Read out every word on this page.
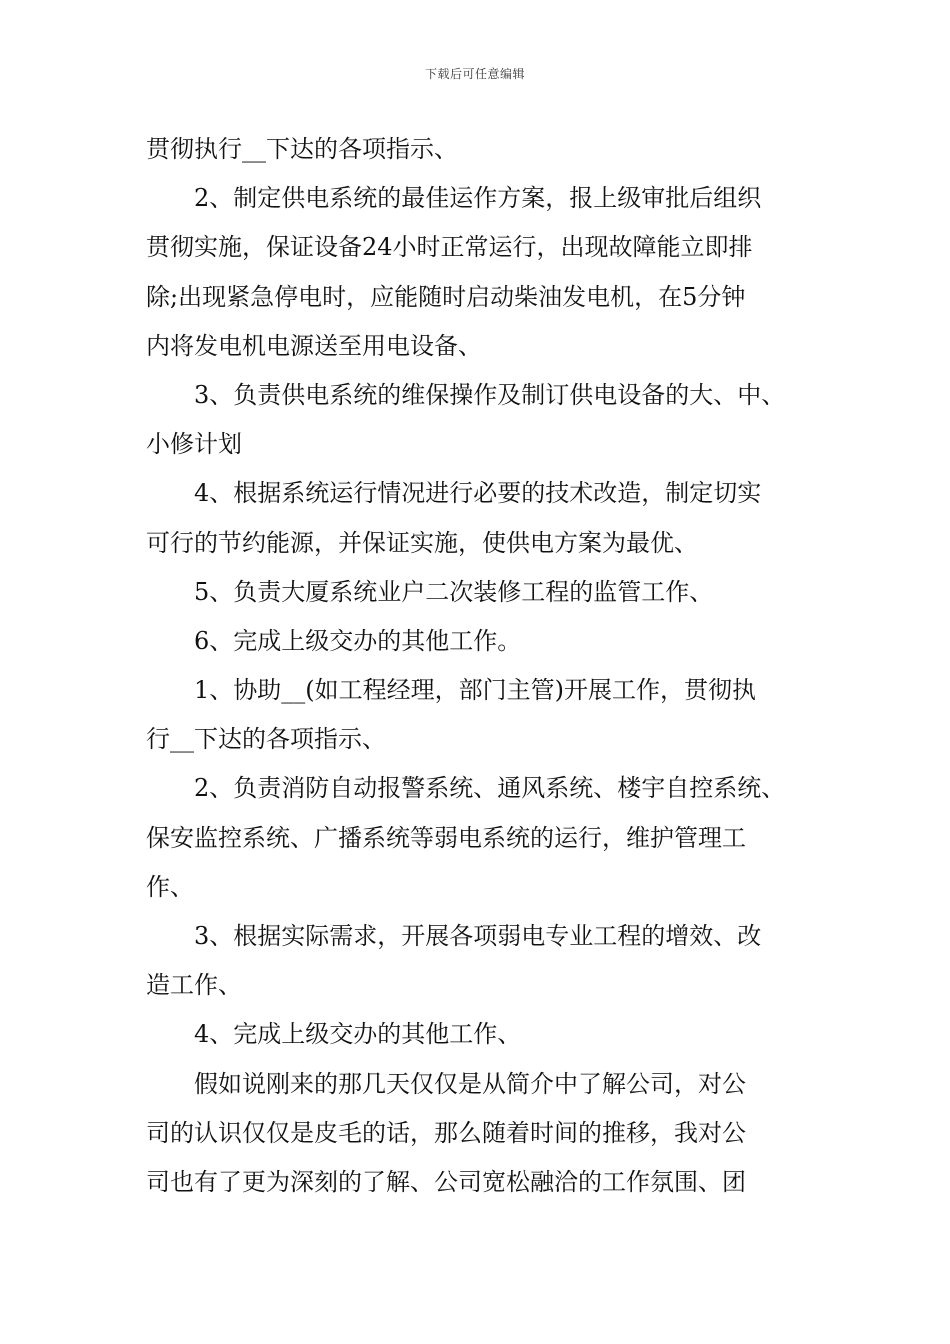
下载后可任意编辑
贯彻执行__下达的各项指示、
2、制定供电系统的最佳运作方案，报上级审批后组织
贯彻实施，保证设备24小时正常运行，出现故障能立即排
除;出现紧急停电时，应能随时启动柴油发电机，在5分钟
内将发电机电源送至用电设备、
3、负责供电系统的维保操作及制订供电设备的大、中、
小修计划
4、根据系统运行情况进行必要的技术改造，制定切实
可行的节约能源，并保证实施，使供电方案为最优、
5、负责大厦系统业户二次装修工程的监管工作、
6、完成上级交办的其他工作。
1、协助__(如工程经理，部门主管)开展工作，贯彻执
行__下达的各项指示、
2、负责消防自动报警系统、通风系统、楼宇自控系统、
保安监控系统、广播系统等弱电系统的运行，维护管理工
作、
3、根据实际需求，开展各项弱电专业工程的增效、改
造工作、
4、完成上级交办的其他工作、
假如说刚来的那几天仅仅是从简介中了解公司，对公
司的认识仅仅是皮毛的话，那么随着时间的推移，我对公
司也有了更为深刻的了解、公司宽松融洽的工作氛围、团
